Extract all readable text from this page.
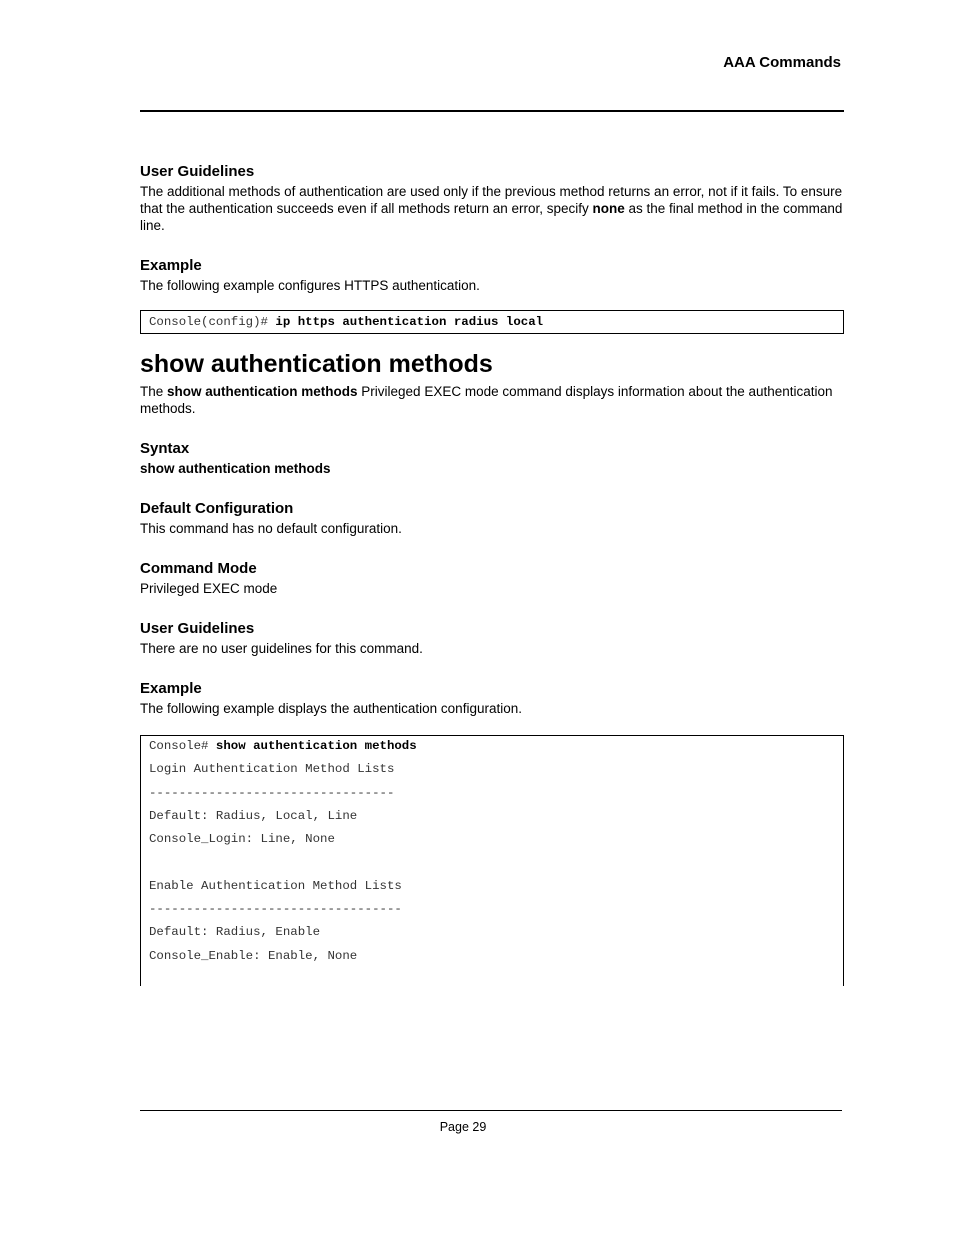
AAA Commands
User Guidelines

The additional methods of authentication are used only if the previous method returns an error, not if it fails. To ensure that the authentication succeeds even if all methods return an error, specify none as the final method in the command line.

Example

The following example configures HTTPS authentication.

Console(config)# ip https authentication radius local
show authentication methods

The show authentication methods Privileged EXEC mode command displays information about the authentication methods.

Syntax

show authentication methods

Default Configuration

This command has no default configuration.

Command Mode

Privileged EXEC mode

User Guidelines

There are no user guidelines for this command.

Example

The following example displays the authentication configuration.

Console# show authentication methods
Login Authentication Method Lists
---------------------------------
Default: Radius, Local, Line
Console_Login: Line, None
Enable Authentication Method Lists
----------------------------------
Default: Radius, Enable
Console_Enable: Enable, None
Page 29
